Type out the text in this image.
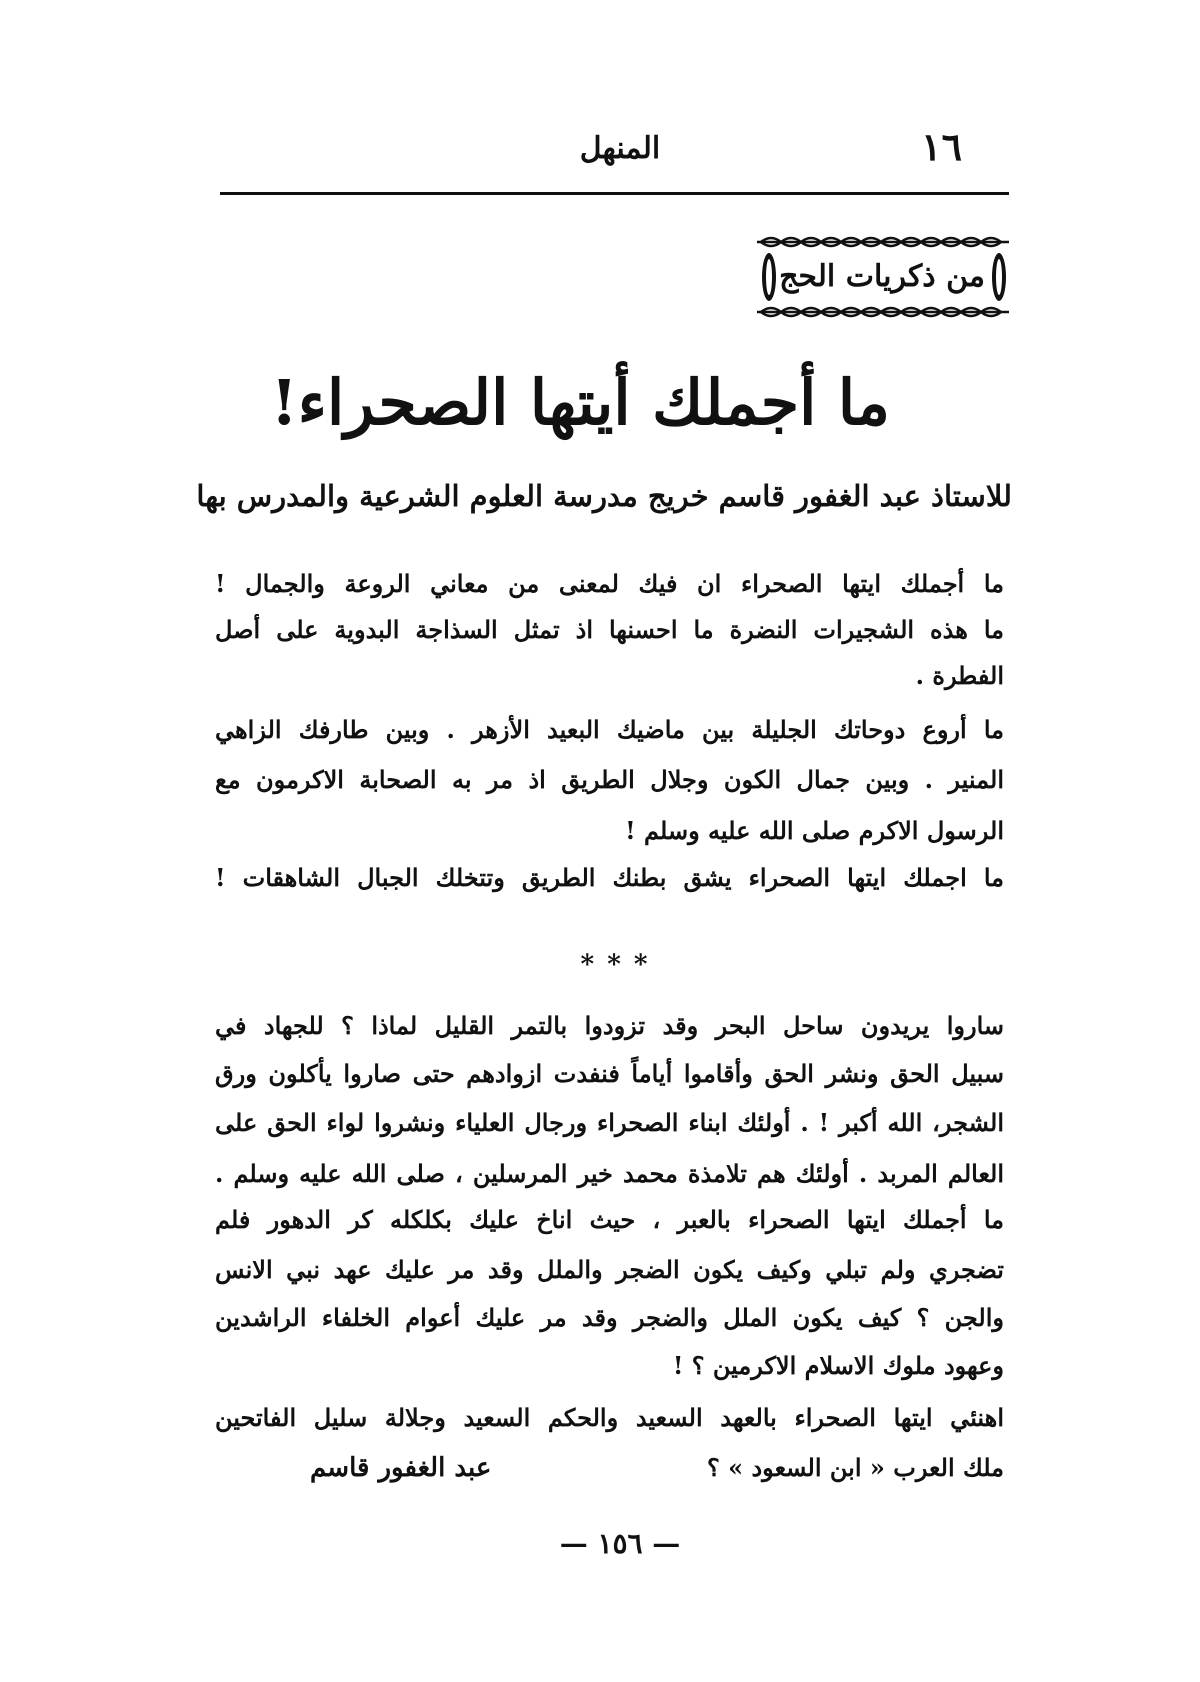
١٦
المنهل
من ذكريات الحج
ما أجملك أيتها الصحراء!
للاستاذ عبد الغفور قاسم خريج مدرسة العلوم الشرعية والمدرس بها
ما أجملك ايتها الصحراء ان فيك لمعنى من معاني الروعة والجمال !
ما هذه الشجيرات النضرة ما احسنها اذ تمثل السذاجة البدوية على أصل
الفطرة .
ما أروع دوحاتك الجليلة بين ماضيك البعيد الأزهر . وبين طارفك الزاهي
المنير . وبين جمال الكون وجلال الطريق اذ مر به الصحابة الاكرمون مع
الرسول الاكرم صلى الله عليه وسلم !
ما اجملك ايتها الصحراء يشق بطنك الطريق وتتخلك الجبال الشاهقات !
* * *
ساروا يريدون ساحل البحر وقد تزودوا بالتمر القليل لماذا ؟ للجهاد في
سبيل الحق ونشر الحق وأقاموا أياماً فنفدت ازوادهم حتى صاروا يأكلون ورق
الشجر، الله أكبر ! . أولئك ابناء الصحراء ورجال العلياء ونشروا لواء الحق على
العالم المربد . أولئك هم تلامذة محمد خير المرسلين ، صلى الله عليه وسلم .
ما أجملك ايتها الصحراء بالعبر ، حيث اناخ عليك بكلكله كر الدهور فلم
تضجري ولم تبلي وكيف يكون الضجر والملل وقد مر عليك عهد نبي الانس
والجن ؟ كيف يكون الملل والضجر وقد مر عليك أعوام الخلفاء الراشدين
وعهود ملوك الاسلام الاكرمين ؟ !
اهنئي ايتها الصحراء بالعهد السعيد والحكم السعيد وجلالة سليل الفاتحين
ملك العرب « ابن السعود » ؟
عبد الغفور قاسم
— ١٥٦ —
